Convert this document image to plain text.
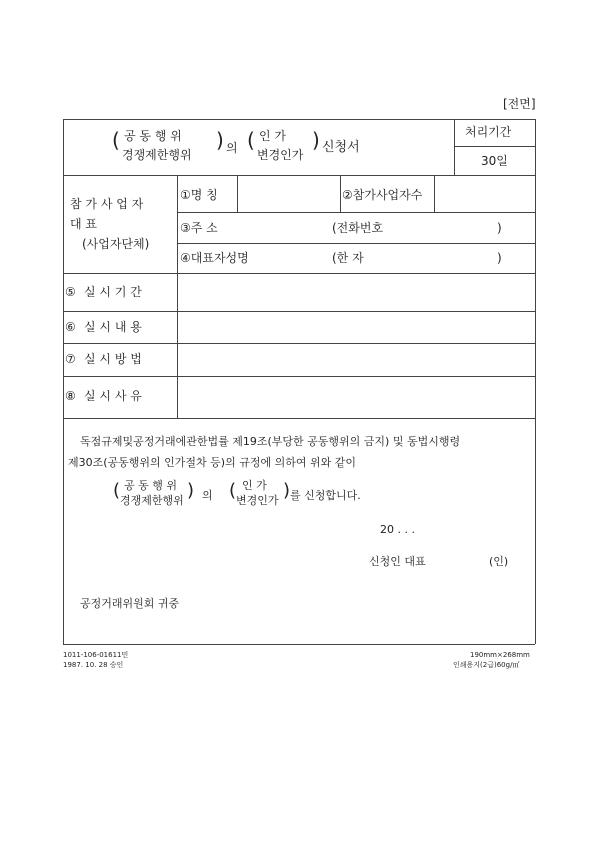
[전면]
( 공 동 행 위
경쟁제한행위
) 의 ( 인 가
변경인가
) 신청서
처리기간
30일
참 가 사 업 자
대 표
(사업자단체)
①명 칭	②참가사업자수
③주 소	(전화번호	)
④대표자성명	(한 자	)
⑤ 실 시 기 간
⑥ 실 시 내 용
⑦ 실 시 방 법
⑧ 실 시 사 유
독점규제및공정거래에관한법률 제19조(부당한 공동행위의 금지) 및 동법시행령
제30조(공동행위의 인가절차 등)의 규정에 의하여 위와 같이
( 공 동 행 위
경쟁제한행위 ) 의 ( 인 가
변경인가 ) 를 신청합니다.
20 . . .
신청인 대표	(인)
공정거래위원회 귀중
1011-106-01611민
1987. 10. 28 승인
190mm×268mm
인쇄용지(2급)60g/㎡
